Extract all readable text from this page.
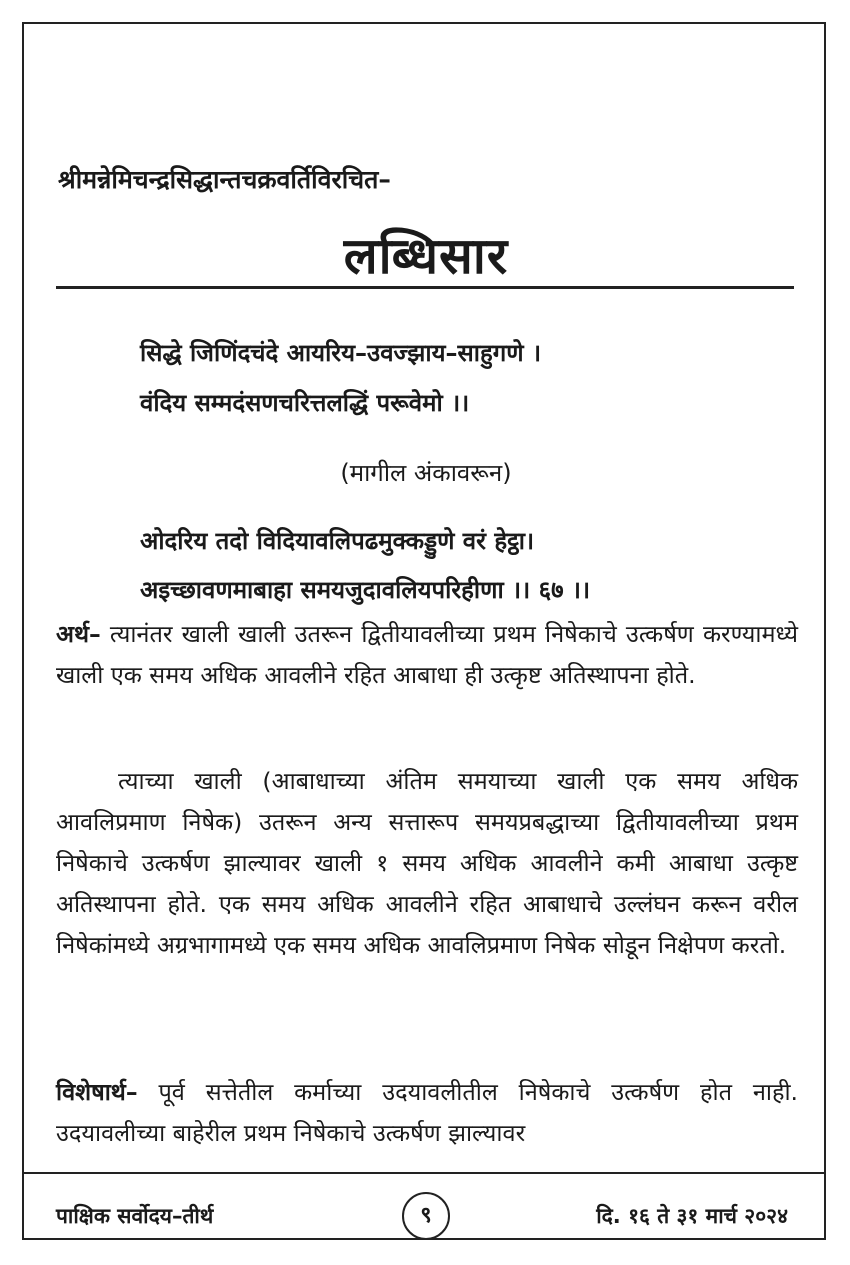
श्रीमन्नेमिचन्द्रसिद्धान्तचक्रवर्तिविरचित–
लब्धिसार
सिद्धे जिणिंदचंदे आयरिय–उवज्झाय–साहुगणे ।
वंदिय सम्मदंसणचरित्तलद्धिं परूवेमो ।।
(मागील अंकावरून)
ओदरिय तदो विदियावलिपढमुक्कड्डुणे वरं हेट्ठा।
अइच्छावणमाबाहा समयजुदावलियपरिहीणा ।। ६७ ।।
अर्थ– त्यानंतर खाली खाली उतरून द्वितीयावलीच्या प्रथम निषेकाचे उत्कर्षण करण्यामध्ये खाली एक समय अधिक आवलीने रहित आबाधा ही उत्कृष्ट अतिस्थापना होते.
त्याच्या खाली (आबाधाच्या अंतिम समयाच्या खाली एक समय अधिक आवलिप्रमाण निषेक) उतरून अन्य सत्तारूप समयप्रबद्धाच्या द्वितीयावलीच्या प्रथम निषेकाचे उत्कर्षण झाल्यावर खाली १ समय अधिक आवलीने कमी आबाधा उत्कृष्ट अतिस्थापना होते. एक समय अधिक आवलीने रहित आबाधाचे उल्लंघन करून वरील निषेकांमध्ये अग्रभागामध्ये एक समय अधिक आवलिप्रमाण निषेक सोडून निक्षेपण करतो.
विशेषार्थ– पूर्व सत्तेतील कर्माच्या उदयावलीतील निषेकाचे उत्कर्षण होत नाही. उदयावलीच्या बाहेरील प्रथम निषेकाचे उत्कर्षण झाल्यावर
पाक्षिक सर्वोदय–तीर्थ	९	दि. १६ ते ३१ मार्च २०२४
